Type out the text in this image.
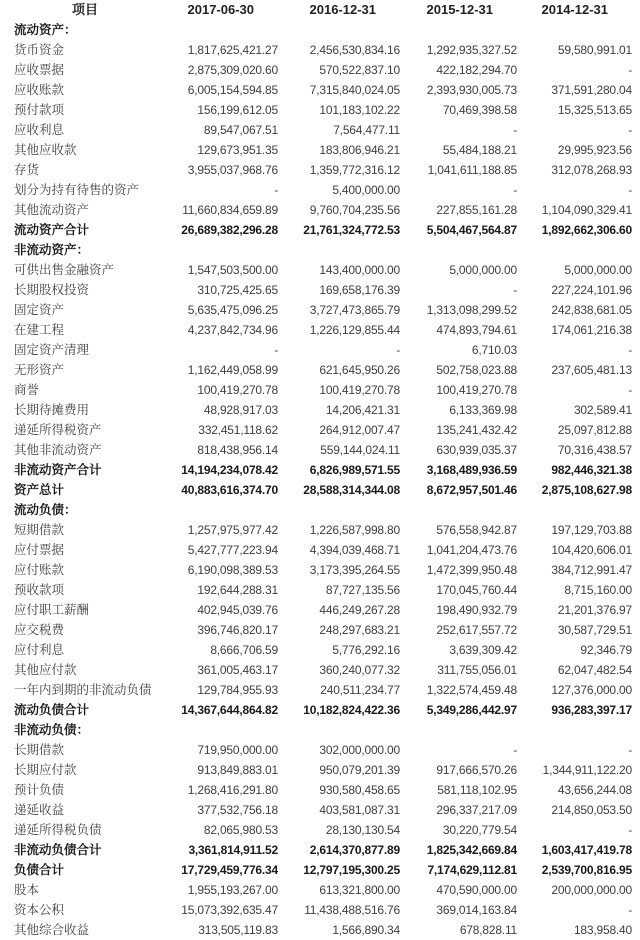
项目	2017-06-30	2016-12-31	2015-12-31	2014-12-31
流动资产：				
货币资金	1,817,625,421.27	2,456,530,834.16	1,292,935,327.52	59,580,991.01
应收票据	2,875,309,020.60	570,522,837.10	422,182,294.70	-
应收账款	6,005,154,594.85	7,315,840,024.05	2,393,930,005.73	371,591,280.04
预付款项	156,199,612.05	101,183,102.22	70,469,398.58	15,325,513.65
应收利息	89,547,067.51	7,564,477.11	-	-
其他应收款	129,673,951.35	183,806,946.21	55,484,188.21	29,995,923.56
存货	3,955,037,968.76	1,359,772,316.12	1,041,611,188.85	312,078,268.93
划分为持有待售的资产	-	5,400,000.00	-	-
其他流动资产	11,660,834,659.89	9,760,704,235.56	227,855,161.28	1,104,090,329.41
流动资产合计	26,689,382,296.28	21,761,324,772.53	5,504,467,564.87	1,892,662,306.60
非流动资产：				
可供出售金融资产	1,547,503,500.00	143,400,000.00	5,000,000.00	5,000,000.00
长期股权投资	310,725,425.65	169,658,176.39	-	227,224,101.96
固定资产	5,635,475,096.25	3,727,473,865.79	1,313,098,299.52	242,838,681.05
在建工程	4,237,842,734.96	1,226,129,855.44	474,893,794.61	174,061,216.38
固定资产清理	-	-	6,710.03	-
无形资产	1,162,449,058.99	621,645,950.26	502,758,023.88	237,605,481.13
商誉	100,419,270.78	100,419,270.78	100,419,270.78	-
长期待摊费用	48,928,917.03	14,206,421.31	6,133,369.98	302,589.41
递延所得税资产	332,451,118.62	264,912,007.47	135,241,432.42	25,097,812.88
其他非流动资产	818,438,956.14	559,144,024.11	630,939,035.37	70,316,438.57
非流动资产合计	14,194,234,078.42	6,826,989,571.55	3,168,489,936.59	982,446,321.38
资产总计	40,883,616,374.70	28,588,314,344.08	8,672,957,501.46	2,875,108,627.98
流动负债：				
短期借款	1,257,975,977.42	1,226,587,998.80	576,558,942.87	197,129,703.88
应付票据	5,427,777,223.94	4,394,039,468.71	1,041,204,473.76	104,420,606.01
应付账款	6,190,098,389.53	3,173,395,264.55	1,472,399,950.48	384,712,991.47
预收款项	192,644,288.31	87,727,135.56	170,045,760.44	8,715,160.00
应付职工薪酬	402,945,039.76	446,249,267.28	198,490,932.79	21,201,376.97
应交税费	396,746,820.17	248,297,683.21	252,617,557.72	30,587,729.51
应付利息	8,666,706.59	5,776,292.16	3,639,309.42	92,346.79
其他应付款	361,005,463.17	360,240,077.32	311,755,056.01	62,047,482.54
一年内到期的非流动负债	129,784,955.93	240,511,234.77	1,322,574,459.48	127,376,000.00
流动负债合计	14,367,644,864.82	10,182,824,422.36	5,349,286,442.97	936,283,397.17
非流动负债：				
长期借款	719,950,000.00	302,000,000.00	-	-
长期应付款	913,849,883.01	950,079,201.39	917,666,570.26	1,344,911,122.20
预计负债	1,268,416,291.80	930,580,458.65	581,118,102.95	43,656,244.08
递延收益	377,532,756.18	403,581,087.31	296,337,217.09	214,850,053.50
递延所得税负债	82,065,980.53	28,130,130.54	30,220,779.54	-
非流动负债合计	3,361,814,911.52	2,614,370,877.89	1,825,342,669.84	1,603,417,419.78
负债合计	17,729,459,776.34	12,797,195,300.25	7,174,629,112.81	2,539,700,816.95
股本	1,955,193,267.00	613,321,800.00	470,590,000.00	200,000,000.00
资本公积	15,073,392,635.47	11,438,488,516.76	369,014,163.84	-
其他综合收益	313,505,119.83	1,566,890.34	678,828.11	183,958.40
